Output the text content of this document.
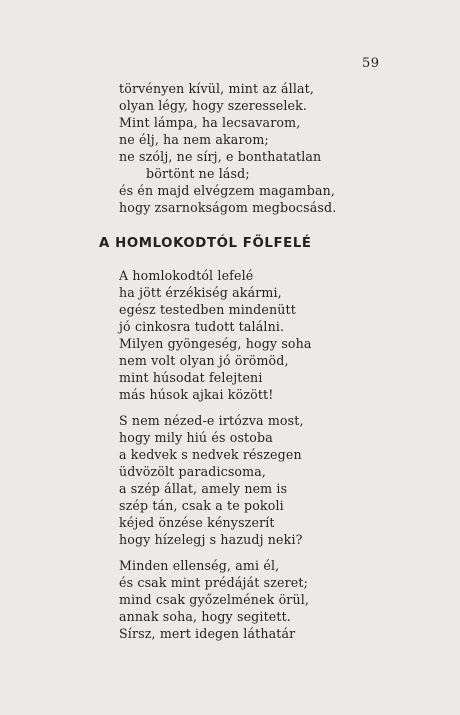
59
törvényen kívül, mint az állat,
olyan légy, hogy szeresselek.
Mint lámpa, ha lecsavarom,
ne élj, ha nem akarom;
ne szólj, ne sírj, e bonthatatlan
börtönt ne lásd;
és én majd elvégzem magamban,
hogy zsarnokságom megbocsásd.
A HOMLOKODTÓL FÖLFELÉ
A homlokodtól lefelé
ha jött érzékiség akármi,
egész testedben mindenütt
jó cinkosra tudott találni.
Milyen gyöngeség, hogy soha
nem volt olyan jó örömöd,
mint húsodat felejteni
más húsok ajkai között!
S nem nézed-e irtózva most,
hogy mily hiú és ostoba
a kedvek s nedvek részegen
üdvözölt paradicsoma,
a szép állat, amely nem is
szép tán, csak a te pokoli
kéjed önzése kényszerít
hogy hízelegj s hazudj neki?
Minden ellenség, ami él,
és csak mint prédáját szeret;
mind csak győzelmének örül,
annak soha, hogy segitett.
Sírsz, mert idegen láthatár
